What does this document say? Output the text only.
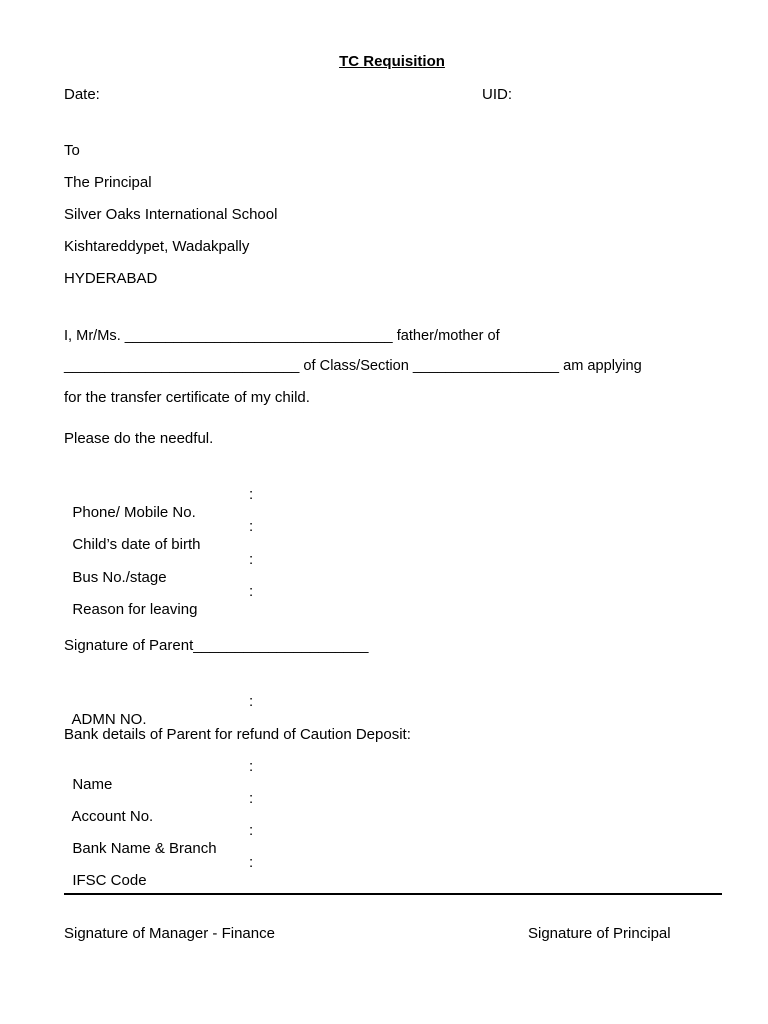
TC Requisition
Date:	UID:
To
The Principal
Silver Oaks International School
Kishtareddypet, Wadakpally
HYDERABAD
I, Mr/Ms. _________________________________ father/mother of
_____________________________ of Class/Section __________________ am applying
for the transfer certificate of my child.
Please do the needful.

Phone/ Mobile No.

:

Child’s date of birth

:

Bus No./stage

:

Reason for leaving

:
Signature of Parent_____________________

ADMN NO.

:
Bank details of Parent for refund of Caution Deposit:

Name

:

Account No.

:

Bank Name & Branch

:

IFSC Code

:
Signature of Manager - Finance	Signature of Principal
